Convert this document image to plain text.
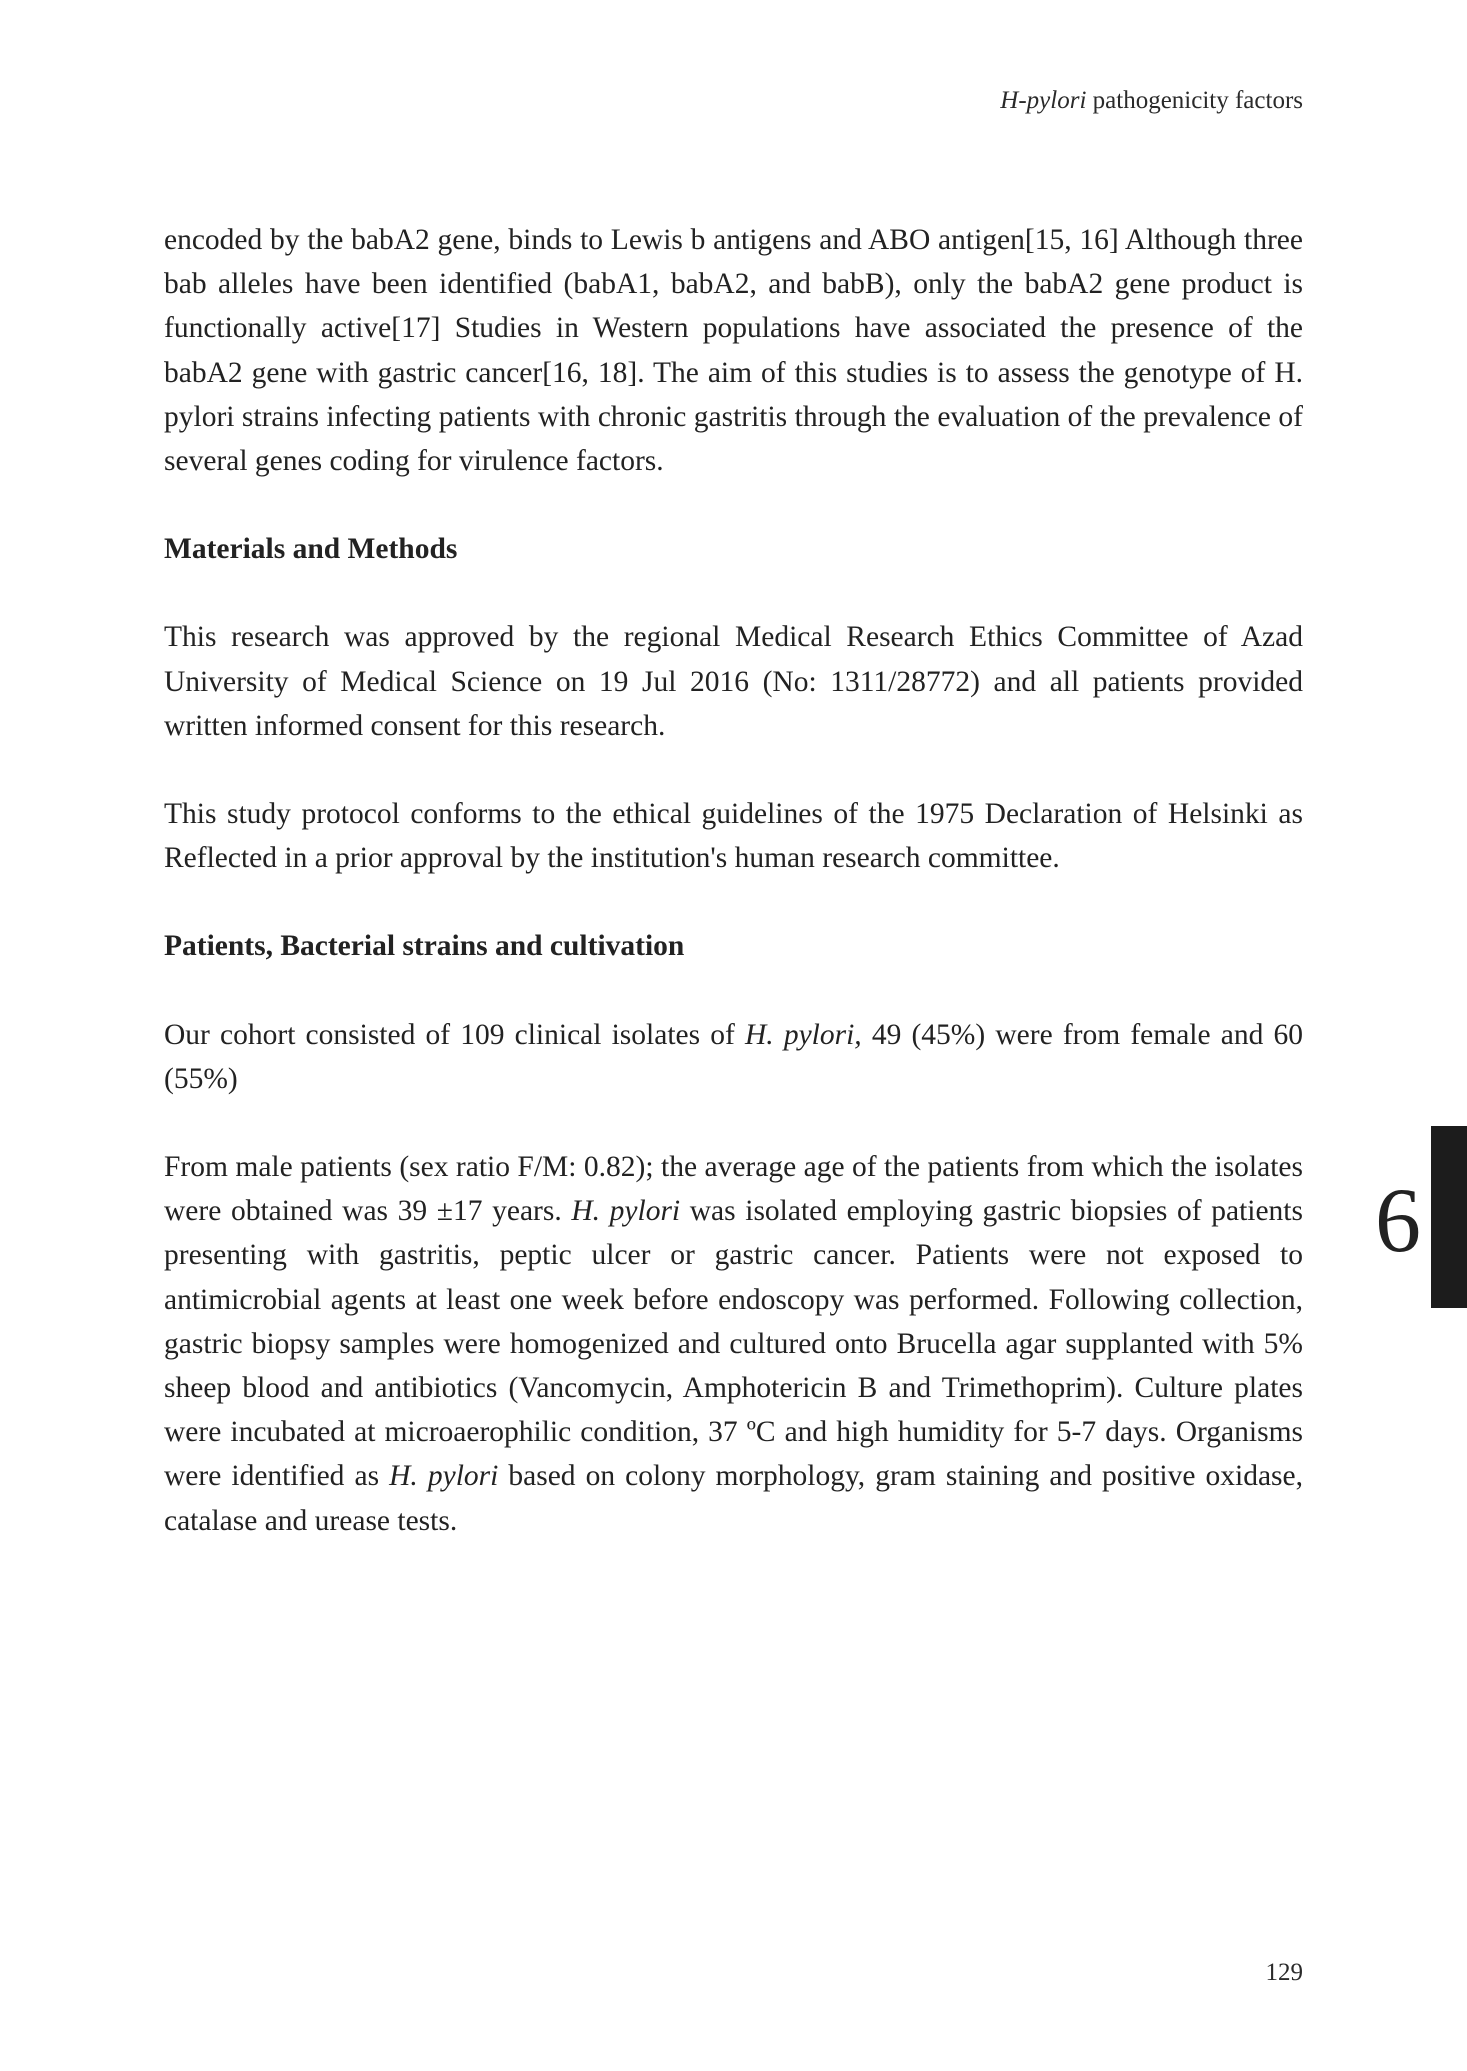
H-pylori pathogenicity factors

encoded by the babA2 gene, binds to Lewis b antigens and ABO antigen[15, 16] Although three bab alleles have been identified (babA1, babA2, and babB), only the babA2 gene product is functionally active[17] Studies in Western populations have associated the presence of the babA2 gene with gastric cancer[16, 18]. The aim of this studies is to assess the genotype of H. pylori strains infecting patients with chronic gastritis through the evaluation of the prevalence of several genes coding for virulence factors.

Materials and Methods

This research was approved by the regional Medical Research Ethics Committee of Azad University of Medical Science on 19 Jul 2016 (No: 1311/28772) and all patients provided written informed consent for this research.

This study protocol conforms to the ethical guidelines of the 1975 Declaration of Helsinki as Reflected in a prior approval by the institution's human research committee.

Patients, Bacterial strains and cultivation

Our cohort consisted of 109 clinical isolates of H. pylori, 49 (45%) were from female and 60 (55%)

From male patients (sex ratio F/M: 0.82); the average age of the patients from which the isolates were obtained was 39 ±17 years. H. pylori was isolated employing gastric biopsies of patients presenting with gastritis, peptic ulcer or gastric cancer. Patients were not exposed to antimicrobial agents at least one week before endoscopy was performed. Following collection, gastric biopsy samples were homogenized and cultured onto Brucella agar supplanted with 5% sheep blood and antibiotics (Vancomycin, Amphotericin B and Trimethoprim). Culture plates were incubated at microaerophilic condition, 37 ºC and high humidity for 5-7 days. Organisms were identified as H. pylori based on colony morphology, gram staining and positive oxidase, catalase and urease tests.

6
129
